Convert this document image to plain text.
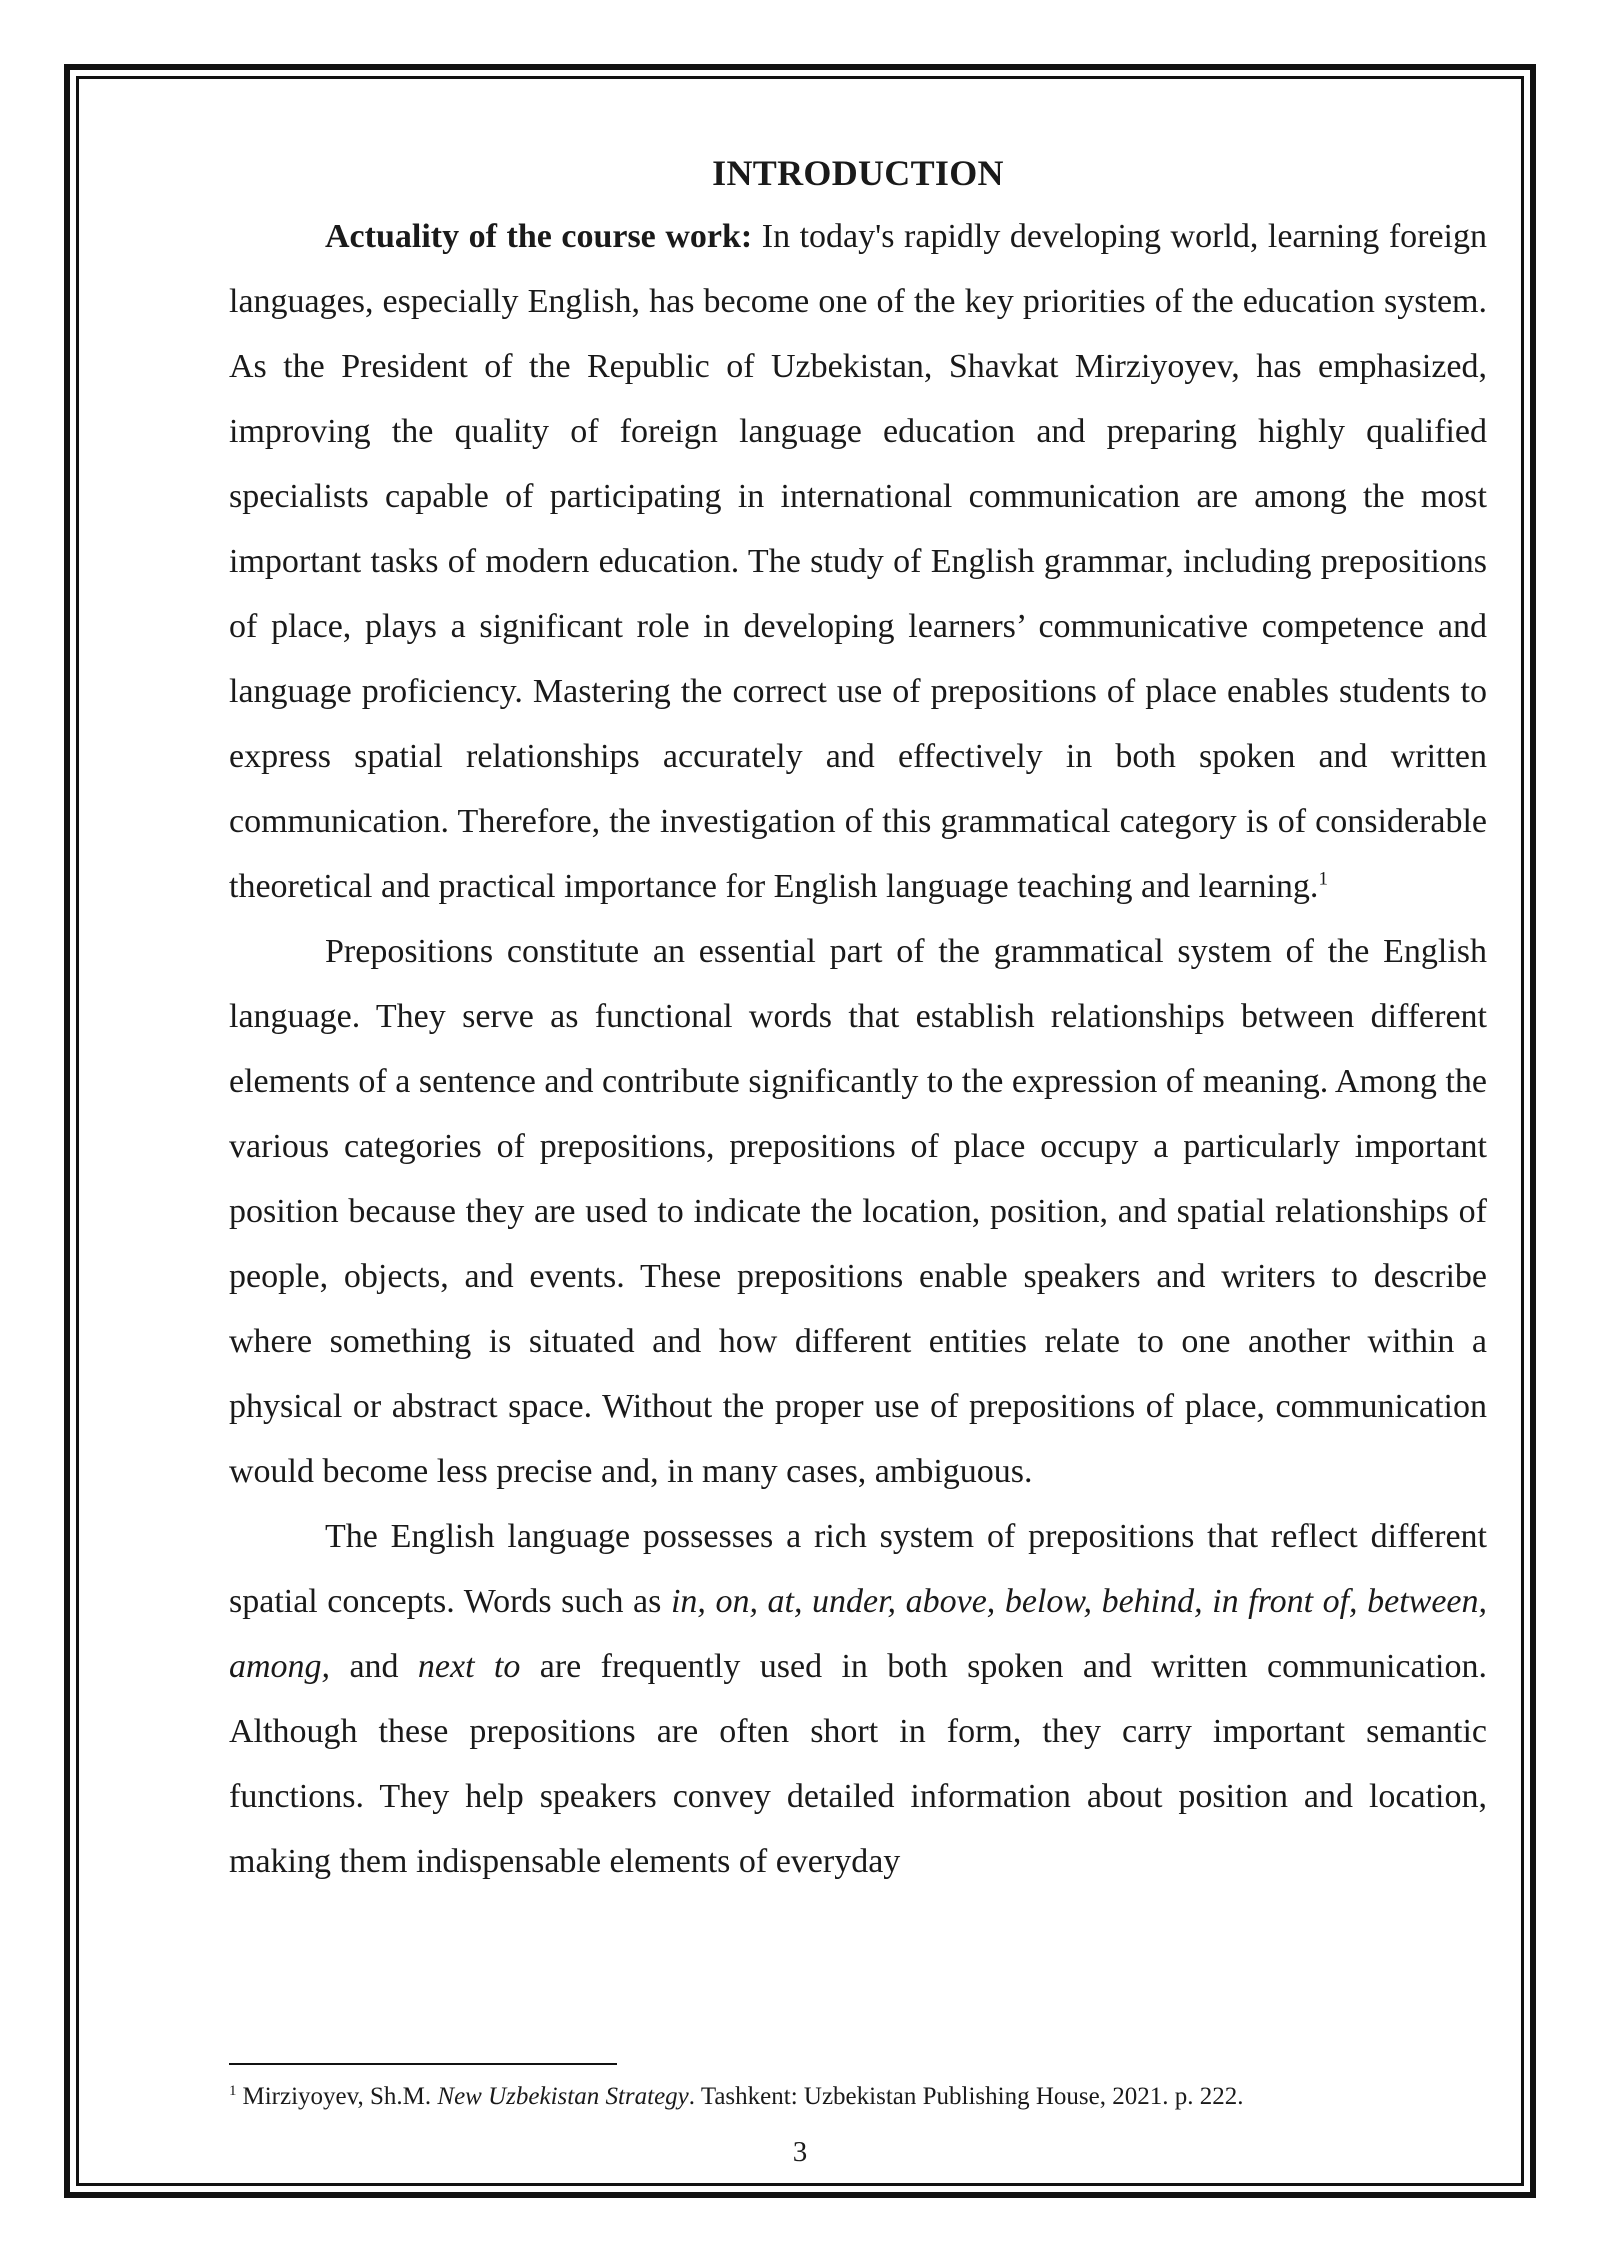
INTRODUCTION

Actuality of the course work: In today's rapidly developing world, learning foreign languages, especially English, has become one of the key priorities of the education system. As the President of the Republic of Uzbekistan, Shavkat Mirziyoyev, has emphasized, improving the quality of foreign language education and preparing highly qualified specialists capable of participating in international communication are among the most important tasks of modern education. The study of English grammar, including prepositions of place, plays a significant role in developing learners’ communicative competence and language proficiency. Mastering the correct use of prepositions of place enables students to express spatial relationships accurately and effectively in both spoken and written communication. Therefore, the investigation of this grammatical category is of considerable theoretical and practical importance for English language teaching and learning.$^1$

Prepositions constitute an essential part of the grammatical system of the English language. They serve as functional words that establish relationships between different elements of a sentence and contribute significantly to the expression of meaning. Among the various categories of prepositions, prepositions of place occupy a particularly important position because they are used to indicate the location, position, and spatial relationships of people, objects, and events. These prepositions enable speakers and writers to describe where something is situated and how different entities relate to one another within a physical or abstract space. Without the proper use of prepositions of place, communication would become less precise and, in many cases, ambiguous.

The English language possesses a rich system of prepositions that reflect different spatial concepts. Words such as in, on, at, under, above, below, behind, in front of, between, among, and next to are frequently used in both spoken and written communication. Although these prepositions are often short in form, they carry important semantic functions. They help speakers convey detailed information about position and location, making them indispensable elements of everyday

$^1$ Mirziyoyev, Sh.M. New Uzbekistan Strategy. Tashkent: Uzbekistan Publishing House, 2021. p. 222.
3
